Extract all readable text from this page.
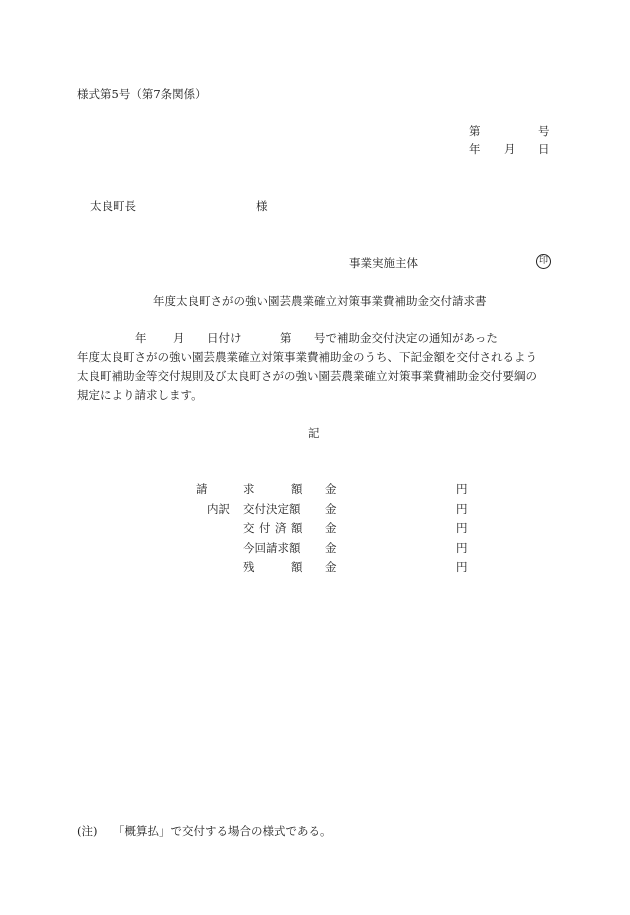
様式第5号（第7条関係）
第	号
年 月 日
太良町長	様
事業実施主体	印
年度太良町さがの強い園芸農業確立対策事業費補助金交付請求書
年 月 日付け	第 号で補助金交付決定の通知があった
年度太良町さがの強い園芸農業確立対策事業費補助金のうち、下記金額を交付されるよう
太良町補助金等交付規則及び太良町さがの強い園芸農業確立対策事業費補助金交付要綱の
規定により請求します。
記
請	求	額 金	円
内訳 交付決定額 金	円
交 付 済 額 金	円
今回請求額 金	円
残	額 金	円
(注) 「概算払」で交付する場合の様式である。
